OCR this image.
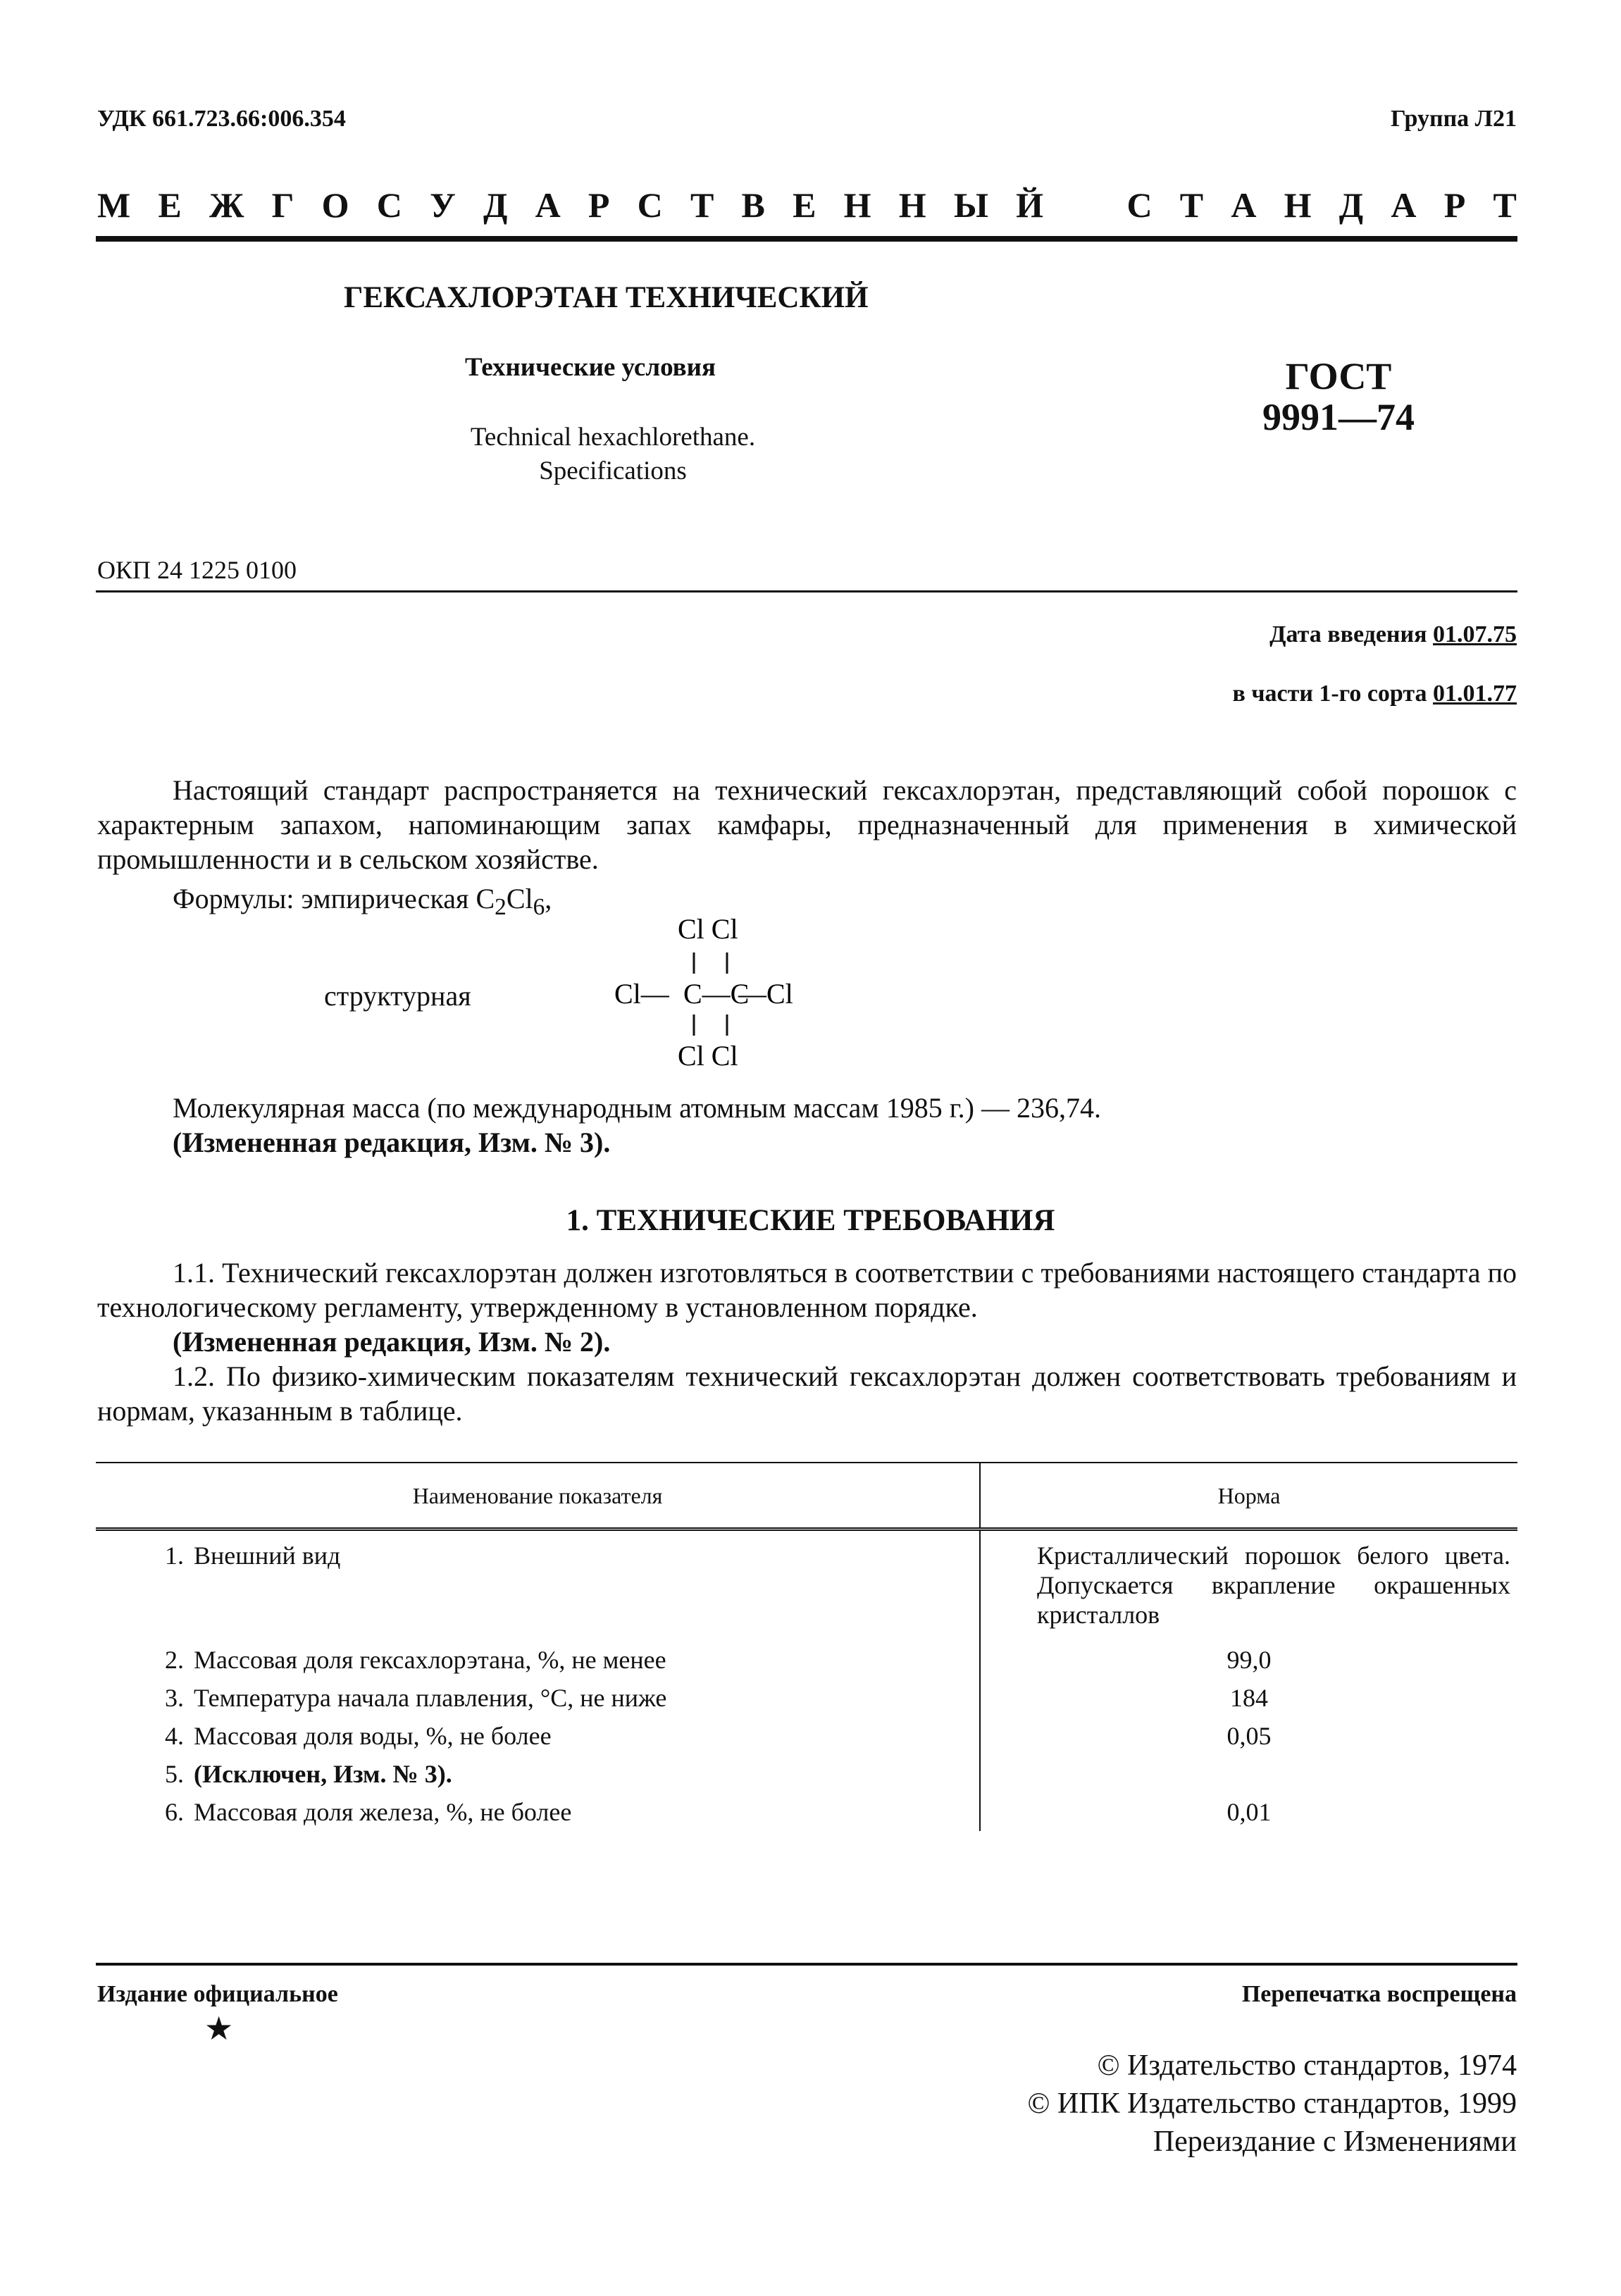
УДК 661.723.66:006.354	Группа Л21
М Е Ж Г О С У Д А Р С Т В Е Н Н Ы Й С Т А Н Д А Р Т
ГЕКСАХЛОРЭТАН ТЕХНИЧЕСКИЙ
Технические условия
Technical hexachlorethane.
Specifications
ГОСТ
9991—74
ОКП 24 1225 0100
Дата введения 01.07.75
в части 1-го сорта 01.01.77
Настоящий стандарт распространяется на технический гексахлорэтан, представляющий собой порошок с характерным запахом, напоминающим запах камфары, предназначенный для применения в химической промышленности и в сельском хозяйстве.
Формулы: эмпирическая $C_2Cl_6$,
структурная
Cl Cl
Cl— C—C
—Cl
Cl Cl
Молекулярная масса (по международным атомным массам 1985 г.) — 236,74.
(Измененная редакция, Изм. № 3).
1. ТЕХНИЧЕСКИЕ ТРЕБОВАНИЯ
1.1. Технический гексахлорэтан должен изготовляться в соответствии с требованиями настоящего стандарта по технологическому регламенту, утвержденному в установленном порядке.
(Измененная редакция, Изм. № 2).
1.2. По физико-химическим показателям технический гексахлорэтан должен соответствовать требованиям и нормам, указанным в таблице.
Наименование показателя	Норма
1. Внешний вид	Кристаллический порошок белого цвета. Допускается вкрапление окрашенных кристаллов
2. Массовая доля гексахлорэтана, %, не менее	99,0
3. Температура начала плавления, °С, не ниже	184
4. Массовая доля воды, %, не более	0,05
5. (Исключен, Изм. № 3).	
6. Массовая доля железа, %, не более	0,01
Издание официальное
★
Перепечатка воспрещена
© Издательство стандартов, 1974
© ИПК Издательство стандартов, 1999
Переиздание с Изменениями
